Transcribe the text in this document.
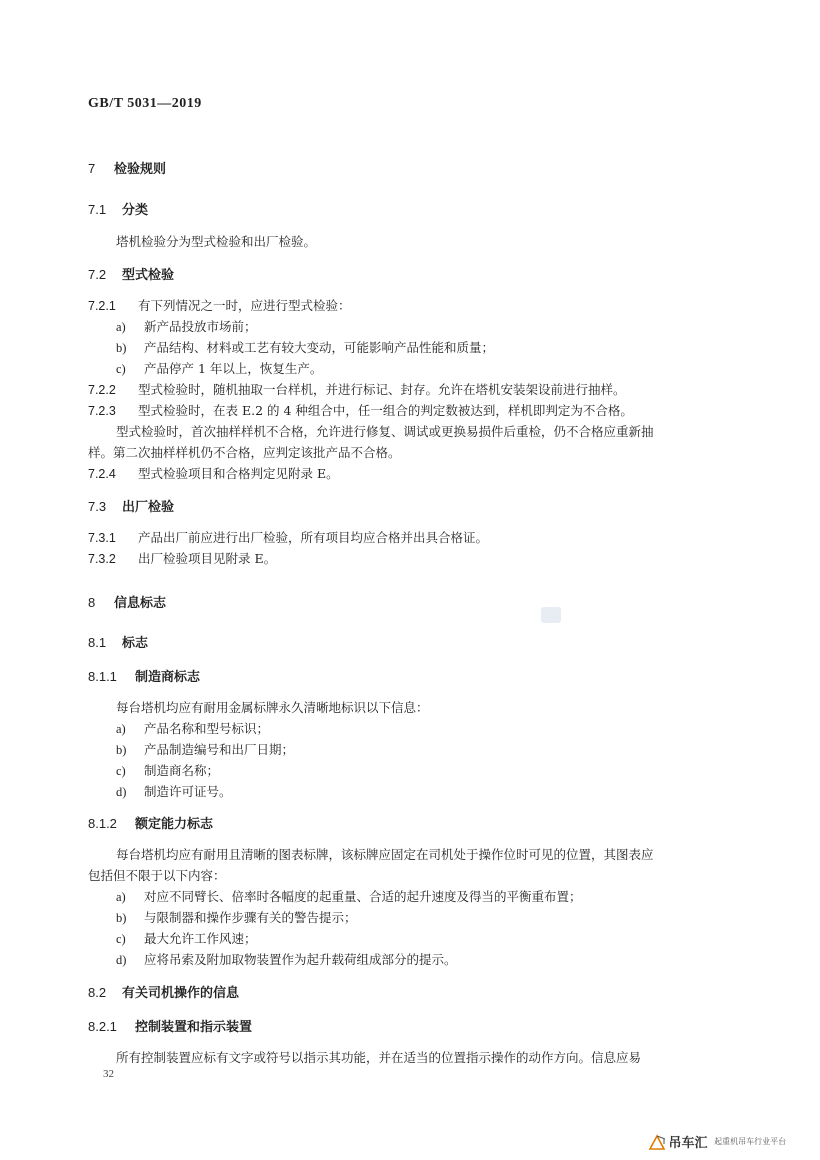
GB/T 5031—2019
7 检验规则
7.1 分类
塔机检验分为型式检验和出厂检验。
7.2 型式检验
7.2.1 有下列情况之一时，应进行型式检验：
a) 新产品投放市场前；
b) 产品结构、材料或工艺有较大变动，可能影响产品性能和质量；
c) 产品停产 1 年以上，恢复生产。
7.2.2 型式检验时，随机抽取一台样机，并进行标记、封存。允许在塔机安装架设前进行抽样。
7.2.3 型式检验时，在表 E.2 的 4 种组合中，任一组合的判定数被达到，样机即判定为不合格。
型式检验时，首次抽样样机不合格，允许进行修复、调试或更换易损件后重检，仍不合格应重新抽
样。第二次抽样样机仍不合格，应判定该批产品不合格。
7.2.4 型式检验项目和合格判定见附录 E。
7.3 出厂检验
7.3.1 产品出厂前应进行出厂检验，所有项目均应合格并出具合格证。
7.3.2 出厂检验项目见附录 E。
8 信息标志
8.1 标志
8.1.1 制造商标志
每台塔机均应有耐用金属标牌永久清晰地标识以下信息：
a) 产品名称和型号标识；
b) 产品制造编号和出厂日期；
c) 制造商名称；
d) 制造许可证号。
8.1.2 额定能力标志
每台塔机均应有耐用且清晰的图表标牌，该标牌应固定在司机处于操作位时可见的位置，其图表应
包括但不限于以下内容：
a) 对应不同臂长、倍率时各幅度的起重量、合适的起升速度及得当的平衡重布置；
b) 与限制器和操作步骤有关的警告提示；
c) 最大允许工作风速；
d) 应将吊索及附加取物装置作为起升载荷组成部分的提示。
8.2 有关司机操作的信息
8.2.1 控制装置和指示装置
所有控制装置应标有文字或符号以指示其功能，并在适当的位置指示操作的动作方向。信息应易
32
吊车汇 起重机吊车行业平台
